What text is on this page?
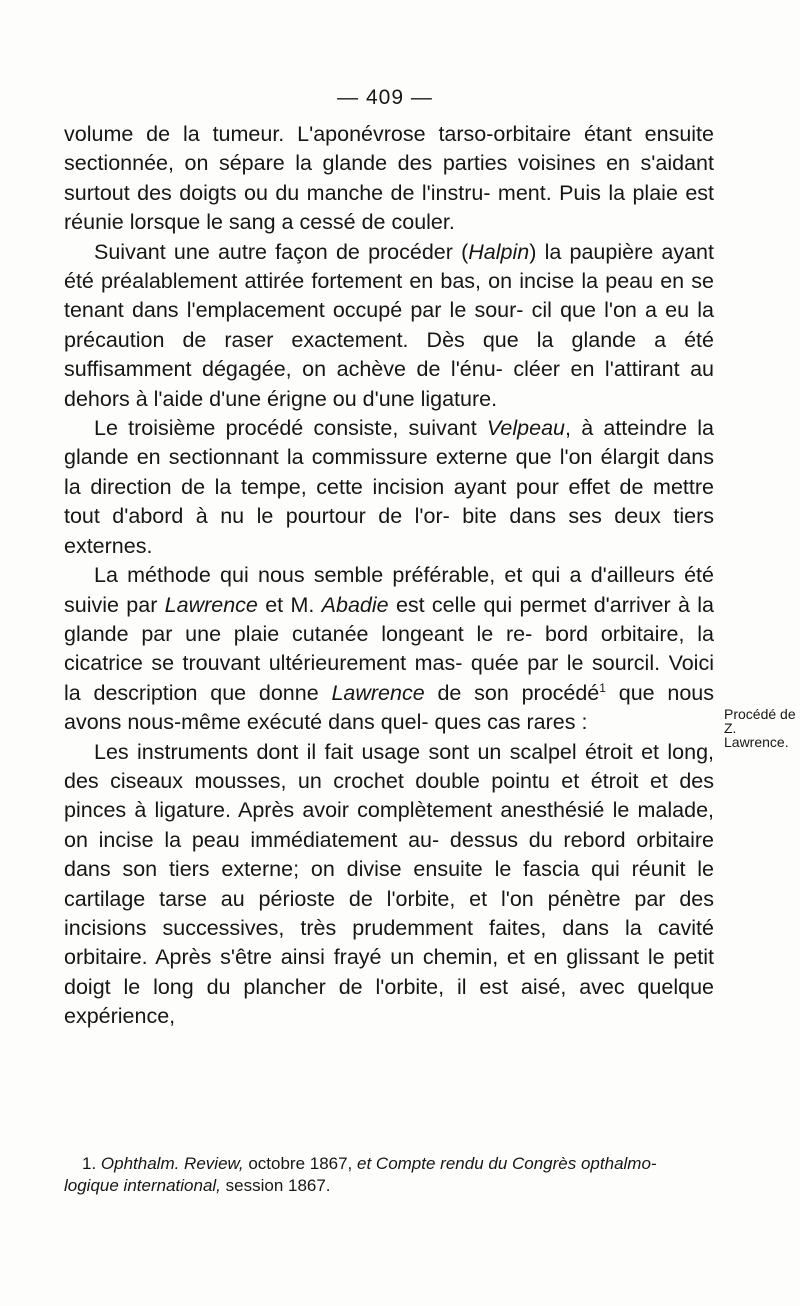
— 409 —

volume de la tumeur. L'aponévrose tarso-orbitaire étant ensuite sectionnée, on sépare la glande des parties voisines en s'aidant surtout des doigts ou du manche de l'instru- ment. Puis la plaie est réunie lorsque le sang a cessé de couler.

Suivant une autre façon de procéder (Halpin) la paupière ayant été préalablement attirée fortement en bas, on incise la peau en se tenant dans l'emplacement occupé par le sour- cil que l'on a eu la précaution de raser exactement. Dès que la glande a été suffisamment dégagée, on achève de l'énu- cléer en l'attirant au dehors à l'aide d'une érigne ou d'une ligature.

Le troisième procédé consiste, suivant Velpeau, à atteindre la glande en sectionnant la commissure externe que l'on élargit dans la direction de la tempe, cette incision ayant pour effet de mettre tout d'abord à nu le pourtour de l'or- bite dans ses deux tiers externes.

La méthode qui nous semble préférable, et qui a d'ailleurs été suivie par Lawrence et M. Abadie est celle qui permet d'arriver à la glande par une plaie cutanée longeant le re- bord orbitaire, la cicatrice se trouvant ultérieurement mas- quée par le sourcil. Voici la description que donne Lawrence de son procédé$^1$ que nous avons nous-même exécuté dans quel- ques cas rares :

Les instruments dont il fait usage sont un scalpel étroit et long, des ciseaux mousses, un crochet double pointu et étroit et des pinces à ligature. Après avoir complètement anesthésié le malade, on incise la peau immédiatement au- dessus du rebord orbitaire dans son tiers externe; on divise ensuite le fascia qui réunit le cartilage tarse au périoste de l'orbite, et l'on pénètre par des incisions successives, très prudemment faites, dans la cavité orbitaire. Après s'être ainsi frayé un chemin, et en glissant le petit doigt le long du plancher de l'orbite, il est aisé, avec quelque expérience,

Procédé de
Z. Lawrence.

1. Ophthalm. Review, octobre 1867, et Compte rendu du Congrès opthalmo- logique international, session 1867.
